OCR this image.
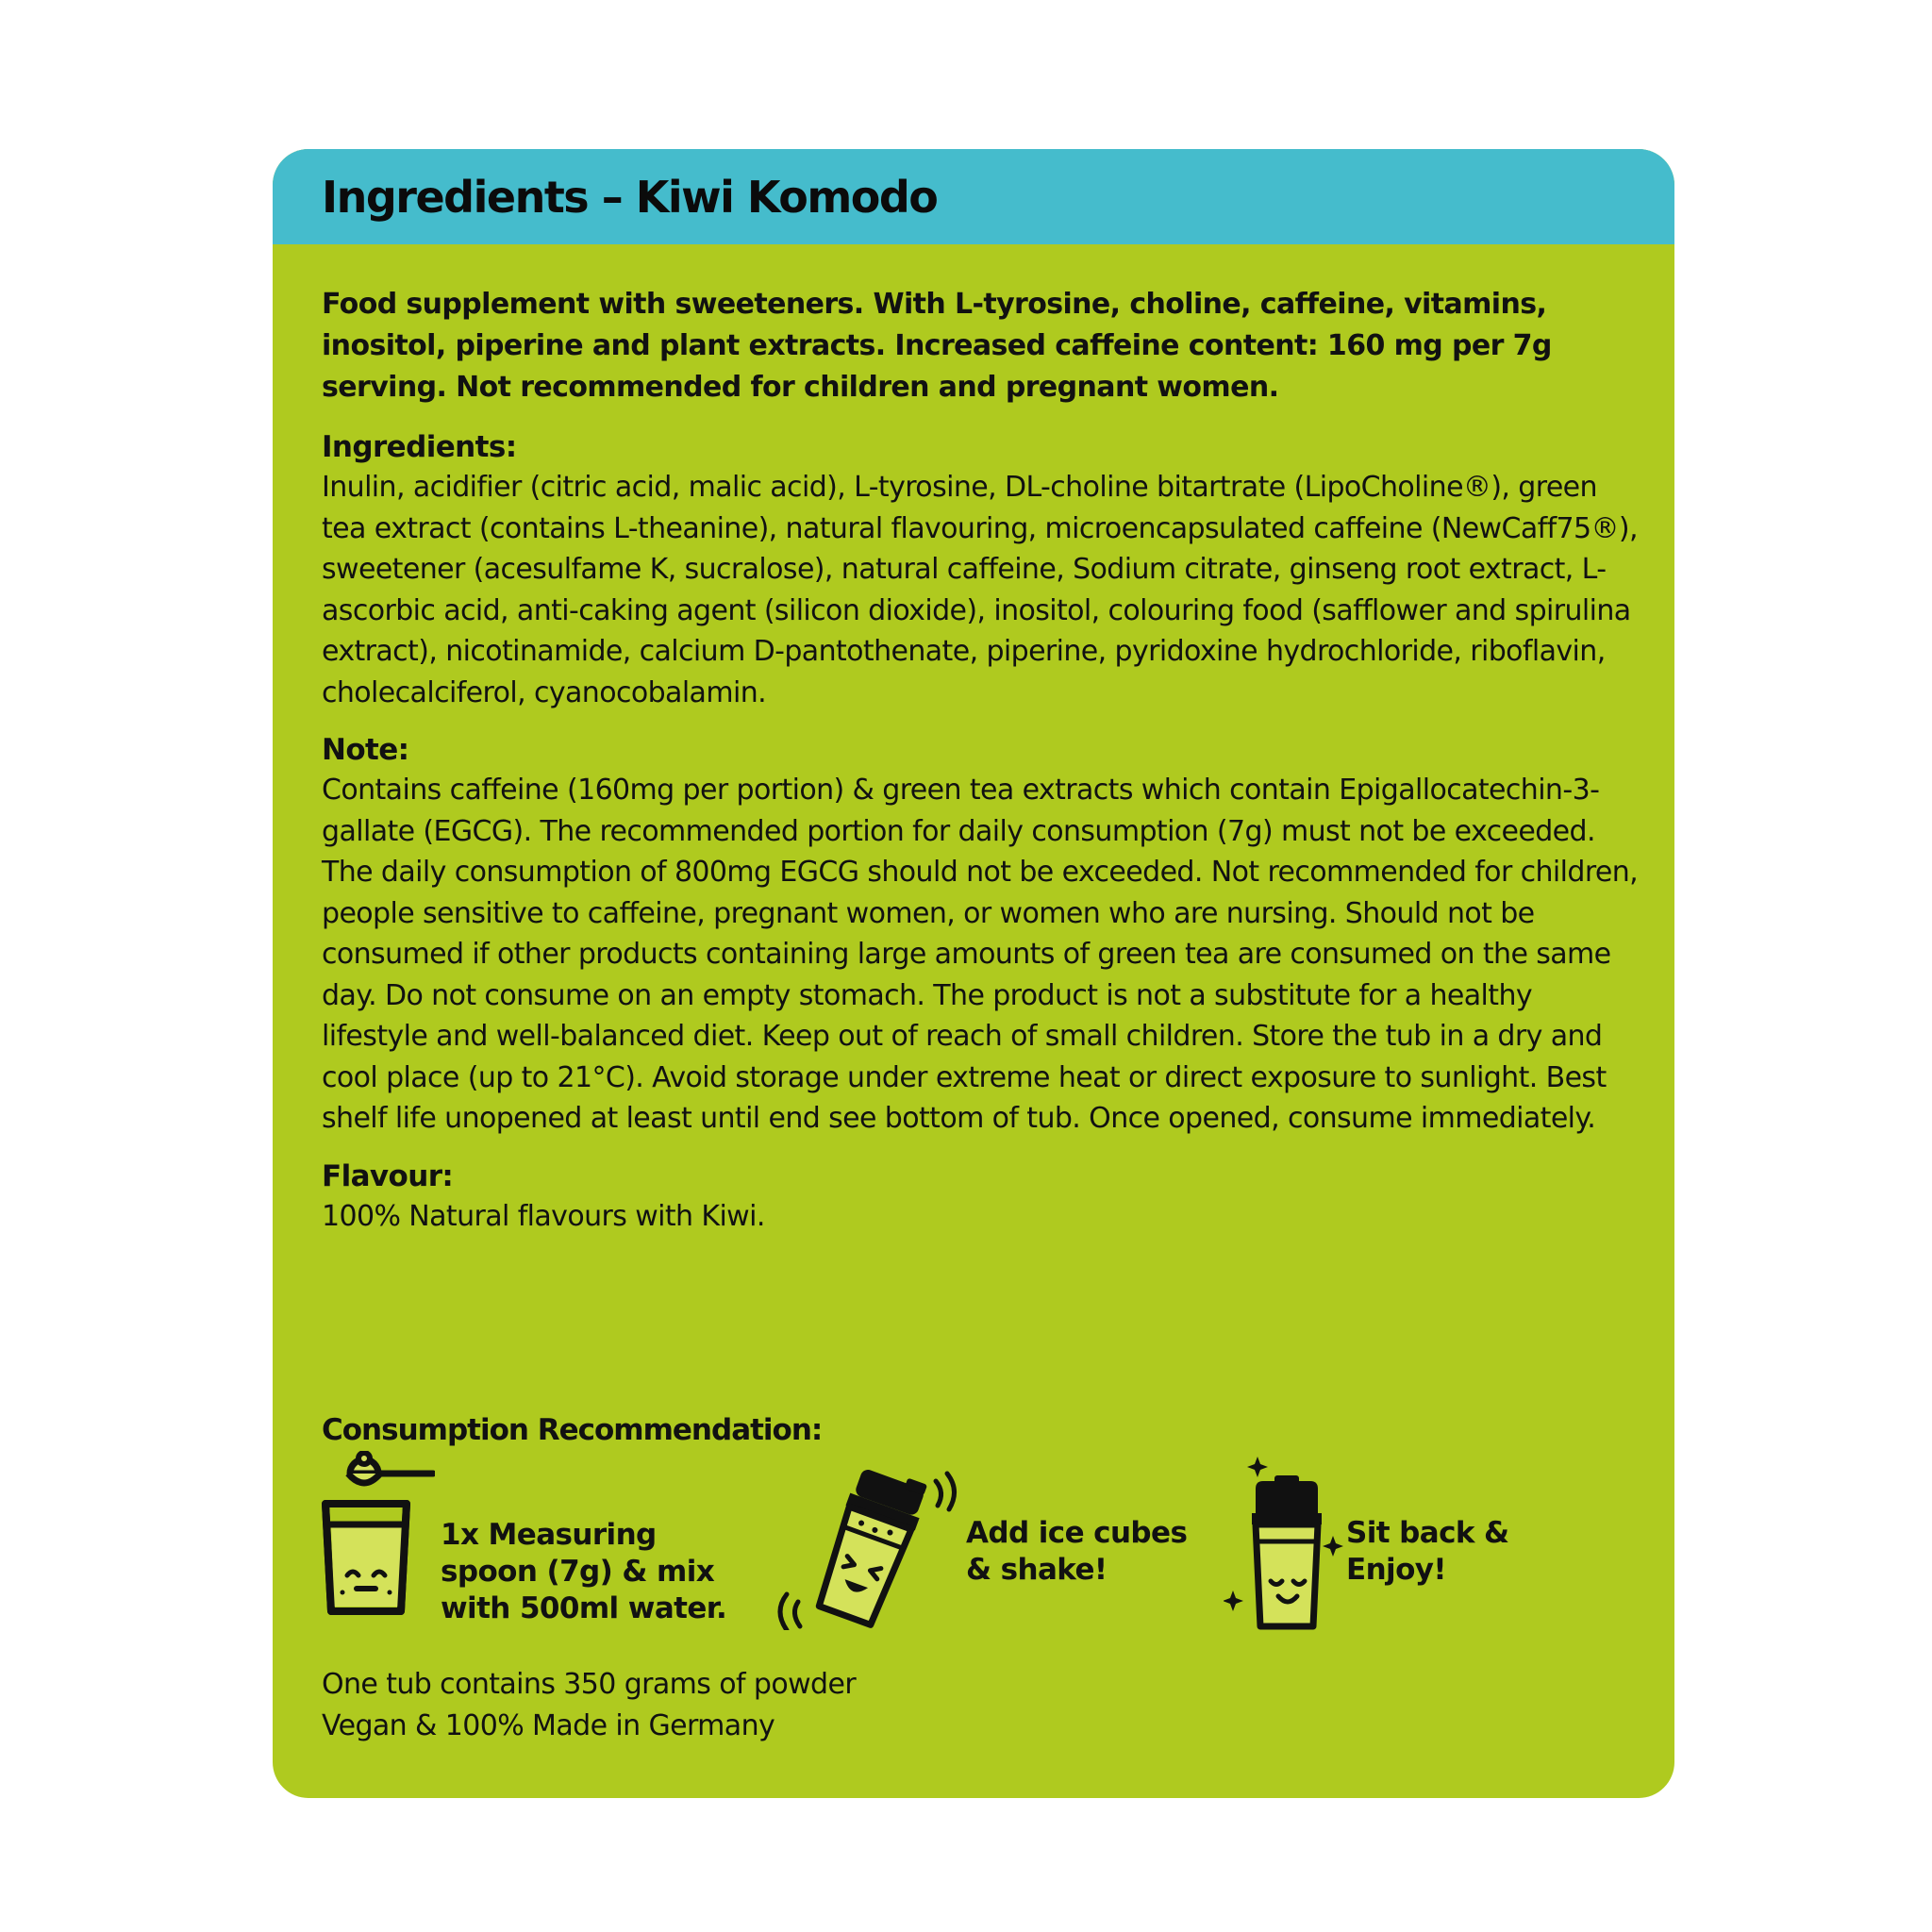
Ingredients – Kiwi Komodo

Food supplement with sweeteners. With L-tyrosine, choline, caffeine, vitamins, inositol, piperine and plant extracts. Increased caffeine content: 160 mg per 7g serving. Not recommended for children and pregnant women.

Ingredients:

Inulin, acidifier (citric acid, malic acid), L-tyrosine, DL-choline bitartrate (LipoCholine®), green tea extract (contains L-theanine), natural flavouring, microencapsulated caffeine (NewCaff75®), sweetener (acesulfame K, sucralose), natural caffeine, Sodium citrate, ginseng root extract, L-ascorbic acid, anti-caking agent (silicon dioxide), inositol, colouring food (safflower and spirulina extract), nicotinamide, calcium D-pantothenate, piperine, pyridoxine hydrochloride, riboflavin, cholecalciferol, cyanocobalamin.

Note:

Contains caffeine (160mg per portion) & green tea extracts which contain Epigallocatechin-3-gallate (EGCG). The recommended portion for daily consumption (7g) must not be exceeded. The daily consumption of 800mg EGCG should not be exceeded. Not recommended for children, people sensitive to caffeine, pregnant women, or women who are nursing. Should not be consumed if other products containing large amounts of green tea are consumed on the same day. Do not consume on an empty stomach. The product is not a substitute for a healthy lifestyle and well-balanced diet. Keep out of reach of small children. Store the tub in a dry and cool place (up to 21°C). Avoid storage under extreme heat or direct exposure to sunlight. Best shelf life unopened at least until end see bottom of tub. Once opened, consume immediately.

Flavour:

100% Natural flavours with Kiwi.

Consumption Recommendation:

1x Measuring
spoon (7g) & mix
with 500ml water.

Add ice cubes
& shake!

Sit back &
Enjoy!

One tub contains 350 grams of powder

Vegan & 100% Made in Germany
